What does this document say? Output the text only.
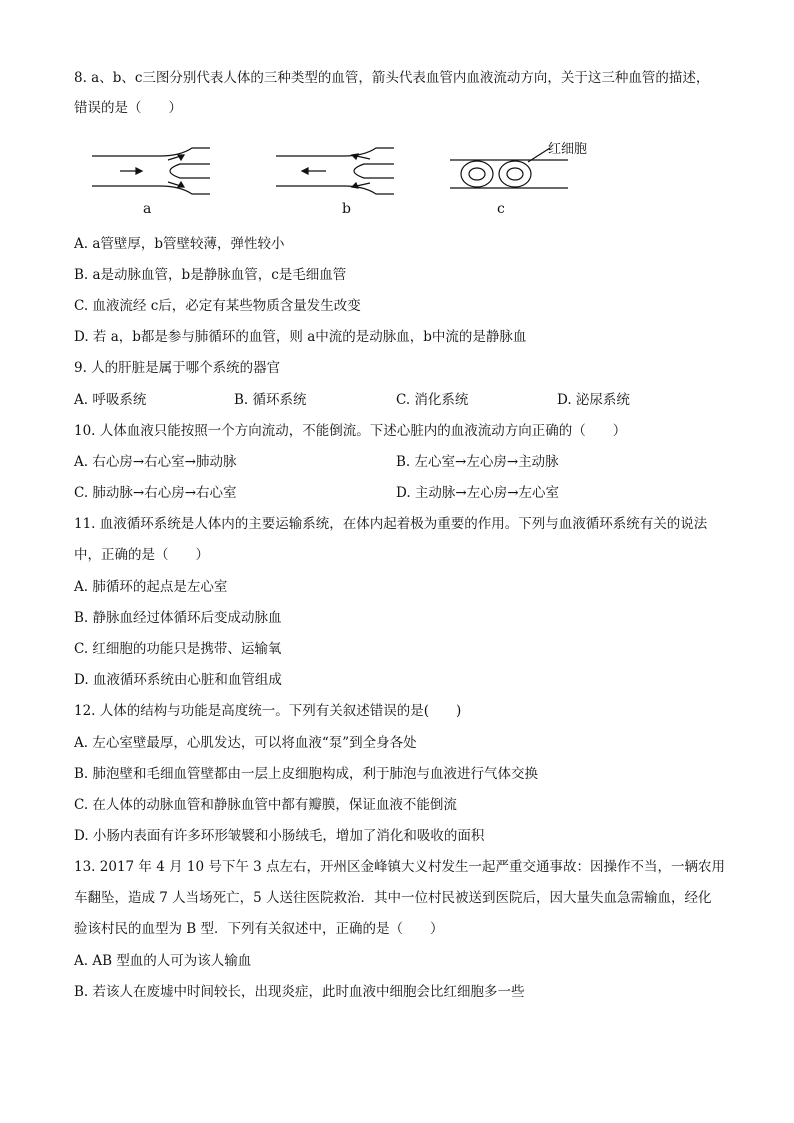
8. a、b、c三图分别代表人体的三种类型的血管，箭头代表血管内血液流动方向，关于这三种血管的描述，
错误的是（　　）
a	b	c
红细胞
A. a管壁厚，b管壁较薄，弹性较小
B. a是动脉血管，b是静脉血管，c是毛细血管
C. 血液流经 c后，必定有某些物质含量发生改变
D. 若 a，b都是参与肺循环的血管，则 a中流的是动脉血，b中流的是静脉血
9. 人的肝脏是属于哪个系统的器官
A. 呼吸系统	B. 循环系统	C. 消化系统	D. 泌尿系统
10. 人体血液只能按照一个方向流动，不能倒流。下述心脏内的血液流动方向正确的（　　）
A. 右心房→右心室→肺动脉	B. 左心室→左心房→主动脉
C. 肺动脉→右心房→右心室	D. 主动脉→左心房→左心室
11. 血液循环系统是人体内的主要运输系统，在体内起着极为重要的作用。下列与血液循环系统有关的说法
中，正确的是（　　）
A. 肺循环的起点是左心室
B. 静脉血经过体循环后变成动脉血
C. 红细胞的功能只是携带、运输氧
D. 血液循环系统由心脏和血管组成
12. 人体的结构与功能是高度统一。下列有关叙述错误的是(　　)
A. 左心室壁最厚，心肌发达，可以将血液“泵”到全身各处
B. 肺泡壁和毛细血管壁都由一层上皮细胞构成，利于肺泡与血液进行气体交换
C. 在人体的动脉血管和静脉血管中都有瓣膜，保证血液不能倒流
D. 小肠内表面有许多环形皱襞和小肠绒毛，增加了消化和吸收的面积
13. 2017 年 4 月 10 号下午 3 点左右，开州区金峰镇大义村发生一起严重交通事故：因操作不当，一辆农用
车翻坠，造成 7 人当场死亡，5 人送往医院救治．其中一位村民被送到医院后，因大量失血急需输血，经化
验该村民的血型为 B 型．下列有关叙述中，正确的是（　　）
A. AB 型血的人可为该人输血
B. 若该人在废墟中时间较长，出现炎症，此时血液中细胞会比红细胞多一些
